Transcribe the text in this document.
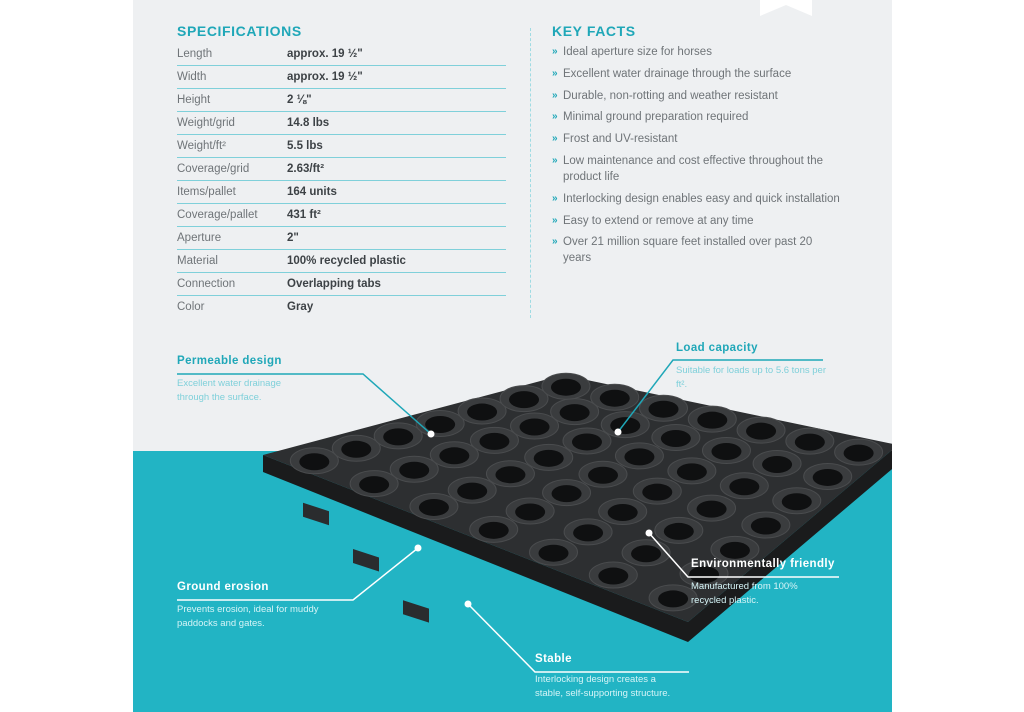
SPECIFICATIONS
Length	approx. 19 ½"
Width	approx. 19 ½"
Height	2 ⅛"
Weight/grid	14.8 lbs
Weight/ft²	5.5 lbs
Coverage/grid	2.63/ft²
Items/pallet	164 units
Coverage/pallet	431 ft²
Aperture	2"
Material	100% recycled plastic
Connection	Overlapping tabs
Color	Gray
KEY FACTS
» Ideal aperture size for horses
» Excellent water drainage through the surface
» Durable, non-rotting and weather resistant
» Minimal ground preparation required
» Frost and UV-resistant
» Low maintenance and cost effective throughout the product life
» Interlocking design enables easy and quick installation
» Easy to extend or remove at any time
» Over 21 million square feet installed over past 20 years

Permeable design

Excellent water drainage through the surface.

Load capacity

Suitable for loads up to 5.6 tons per ft².

Ground erosion

Prevents erosion, ideal for muddy paddocks and gates.

Environmentally friendly

Manufactured from 100% recycled plastic.

Stable

Interlocking design creates a stable, self-supporting structure.
